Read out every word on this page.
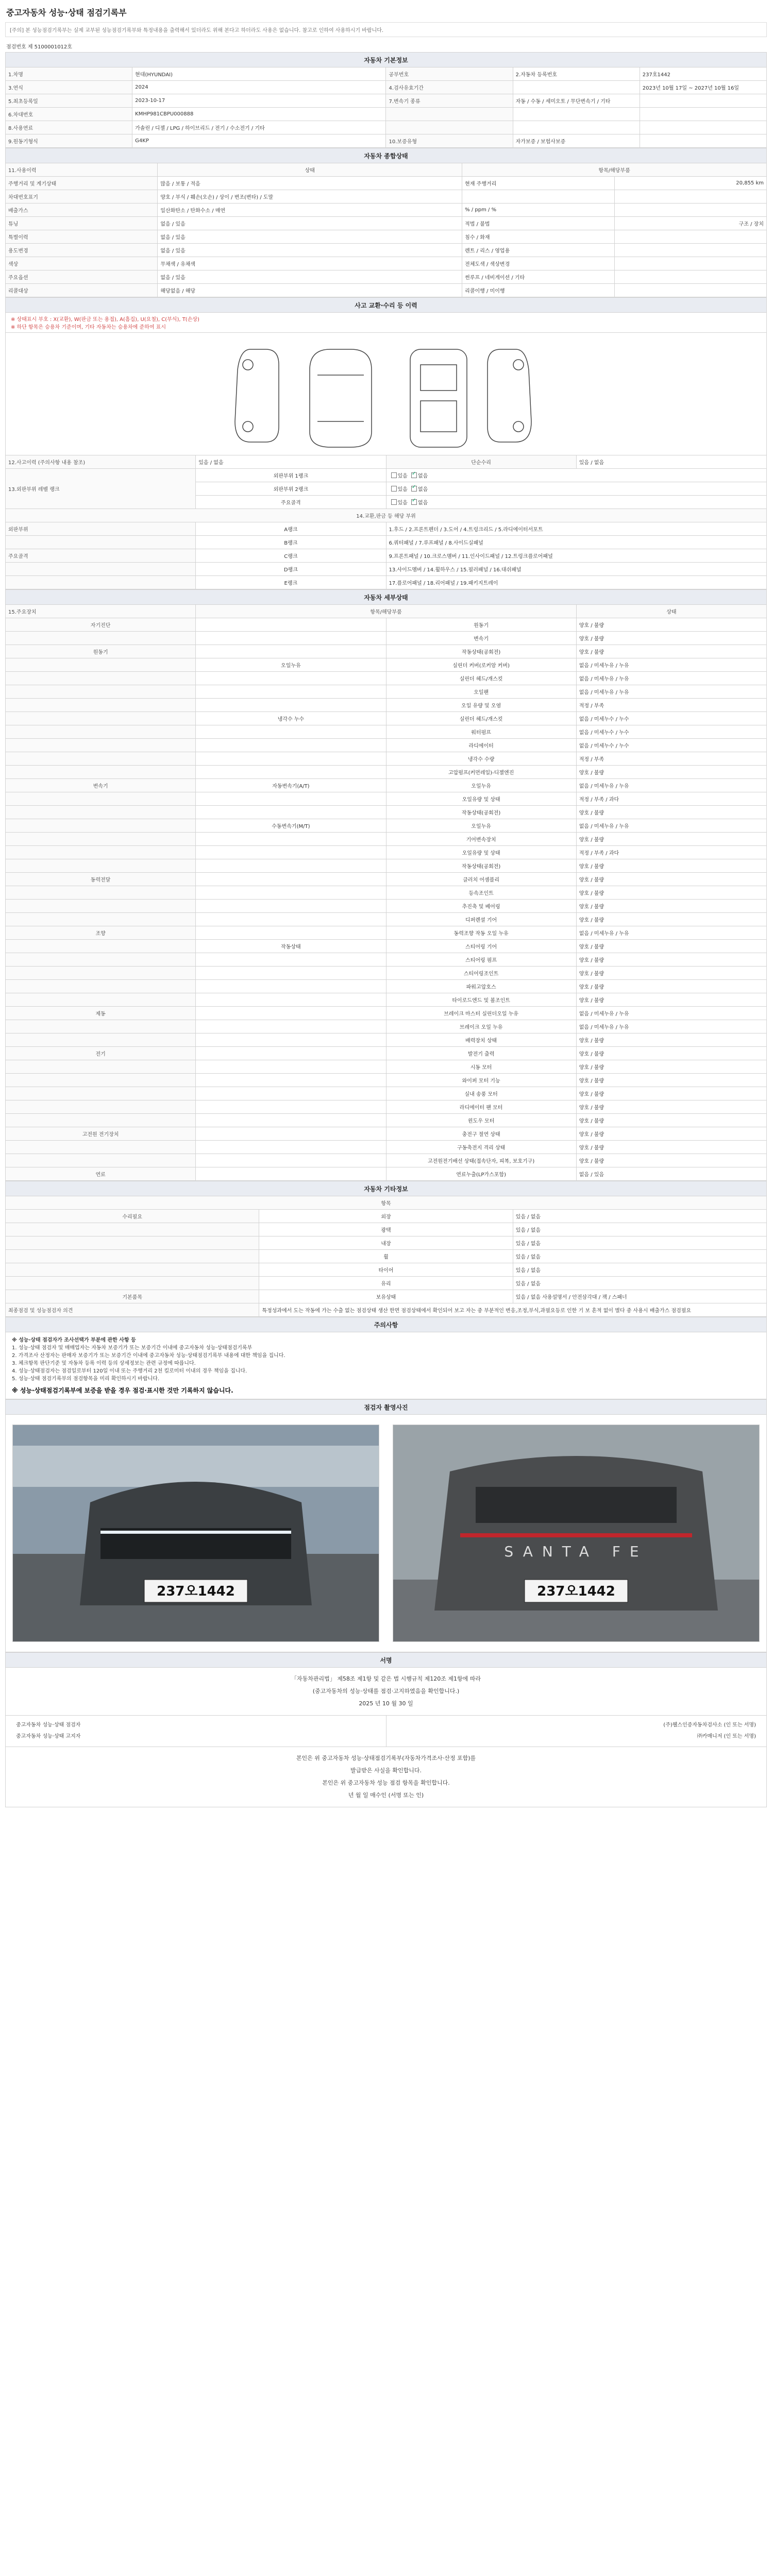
중고자동차 성능·상태 점검기록부
[주의] 본 성능점검기록부는 실제 교부된 성능점검기록부와 특정내용을 출력해서 있더라도 위해 본다고 하더라도 사용은 없습니다. 참고로 인하여 사용하시기 바랍니다.
점검번호 제 5100001012호
자동차 기본정보				
1.차명	현대(HYUNDAI)	공부번호	2.자동차 등록번호	237호1442
3.연식	2024	4.검사유효기간		2023년 10월 17일 ~ 2027년 10월 16일
5.최초등록일	2023-10-17	7.변속기 종류	자동 / 수동 / 세미오토 / 무단변속기 / 기타	
6.차대번호	KMHP981CBPU000888			
8.사용연료	가솔린 / 디젤 / LPG / 하이브리드 / 전기 / 수소전기 / 기타			
9.원동기형식	G4KP	10.보증유형	자가보증 / 보험사보증	
자동차 종합상태			
11.사용이력	상태	항목/해당부품	
주행거리 및 계기상태	많음 / 보통 / 적음	현재 주행거리	20,855 km
차대번호표기	양호 / 부식 / 훼손(오손) / 상이 / 변조(변타) / 도말		
배출가스	일산화탄소 / 탄화수소 / 매연	% / ppm / %	
튜닝	없음 / 있음	적법 / 불법	구조 / 장치
특별이력	없음 / 있음	침수 / 화재	
용도변경	없음 / 있음	렌트 / 리스 / 영업용	
색상	무채색 / 유채색	전체도색 / 색상변경	
주요옵션	없음 / 있음	썬루프 / 네비게이션 / 기타	
리콜대상	해당없음 / 해당	리콜이행 / 미이행	
사고 교환·수리 등 이력			

※ 상태표시 부호 : X(교환), W(판금 또는 용접), A(흠집), U(요철), C(부식), T(손상)
※ 하단 항목은 승용차 기준이며, 기타 자동차는 승용차에 준하여 표시			

12.사고이력 (주의사항 내용 참조)	있음 / 없음	단순수리	있음 / 없음
13.외판부위 레벨 랭크	외판부위 1랭크	있음 ✓없음
	외판부위 2랭크	있음 ✓없음
	주요골격	있음 ✓없음
14.교환,판금 등 해당 부위			
외판부위	A랭크	1.후드 / 2.프론트펜더 / 3.도어 / 4.트렁크리드 / 5.라디에이터서포트	
	B랭크	6.쿼터패널 / 7.루프패널 / 8.사이드실패널	
주요골격	C랭크	9.프론트패널 / 10.크로스멤버 / 11.인사이드패널 / 12.트렁크플로어패널	
	D랭크	13.사이드멤버 / 14.휠하우스 / 15.필러패널 / 16.대쉬패널	
	E랭크	17.플로어패널 / 18.리어패널 / 19.패키지트레이	
자동차 세부상태			
15.주요장치	항목/해당부품		상태
자기진단		원동기	양호 / 불량
		변속기	양호 / 불량
원동기		작동상태(공회전)	양호 / 불량
	오일누유	실린더 커버(로커암 커버)	없음 / 미세누유 / 누유
		실린더 헤드/개스킷	없음 / 미세누유 / 누유
		오일팬	없음 / 미세누유 / 누유
		오일 유량 및 오염	적정 / 부족
	냉각수 누수	실린더 헤드/개스킷	없음 / 미세누수 / 누수
		워터펌프	없음 / 미세누수 / 누수
		라디에이터	없음 / 미세누수 / 누수
		냉각수 수량	적정 / 부족
		고압펌프(커먼레일)-디젤엔진	양호 / 불량
변속기	자동변속기(A/T)	오일누유	없음 / 미세누유 / 누유
		오일유량 및 상태	적정 / 부족 / 과다
		작동상태(공회전)	양호 / 불량
	수동변속기(M/T)	오일누유	없음 / 미세누유 / 누유
		기어변속장치	양호 / 불량
		오일유량 및 상태	적정 / 부족 / 과다
		작동상태(공회전)	양호 / 불량
동력전달		클러치 어셈블리	양호 / 불량
		등속조인트	양호 / 불량
		추진축 및 베어링	양호 / 불량
		디퍼렌셜 기어	양호 / 불량
조향		동력조향 작동 오일 누유	없음 / 미세누유 / 누유
	작동상태	스티어링 기어	양호 / 불량
		스티어링 펌프	양호 / 불량
		스티어링조인트	양호 / 불량
		파워고압호스	양호 / 불량
		타이로드엔드 및 볼조인트	양호 / 불량
제동		브레이크 마스터 실린더오일 누유	없음 / 미세누유 / 누유
		브레이크 오일 누유	없음 / 미세누유 / 누유
		배력장치 상태	양호 / 불량
전기		발전기 출력	양호 / 불량
		시동 모터	양호 / 불량
		와이퍼 모터 기능	양호 / 불량
		실내 송풍 모터	양호 / 불량
		라디에이터 팬 모터	양호 / 불량
		윈도우 모터	양호 / 불량
고전원 전기장치		충전구 절연 상태	양호 / 불량
		구동축전지 격리 상태	양호 / 불량
		고전원전기배선 상태(접속단자, 피복, 보호기구)	양호 / 불량
연료		연료누출(LP가스포함)	없음 / 있음
자동차 기타정보		
항목		
수리필요	외장	있음 / 없음
	광택	있음 / 없음
	내장	있음 / 없음
	휠	있음 / 없음
	타이어	있음 / 없음
	유리	있음 / 없음
기본품목	보유상태	있음 / 없음 사용설명서 / 안전삼각대 / 잭 / 스패너
최종점검 및 성능점검자 의견	특정성과에서 도는 작동에 가는 수출 없는 점검상태 생산 한면 점검상태에서 확인되어 보고 자는 중 부분적인 변응,조정,부식,과필요등로 인한 기 보 흔적 없이 별다 중 사용시 배출가스 점검필요	
주의사항

※ 성능·상태 점검자가 조사선택가 부분에 관한 사항 등
1. 성능·상태 점검자 및 매매업자는 자동차 보증기가 또는 보증기간 이내에 중고자동차 성능·상태점검기록부
2. 가격조사 산정자는 판매자 보증기가 또는 보증기간 이내에 중고자동차 성능·상태점검기록부 내용에 대한 책임을 집니다.
3. 체크항목 판단기준 및 자동차 등록 이력 등의 상세정보는 관련 규정에 따릅니다.
4. 성능·상태점검자는 점검일로부터 120일 이내 또는 주행거리 2천 킬로미터 이내의 경우 책임을 집니다.
5. 성능·상태 점검기록부의 점검항목을 미리 확인하시기 바랍니다.
※ 성능·상태점검기록부에 보증을 받을 경우 점검·표시한 것만 기록하지 않습니다.
점검자 촬영사진

237오1442
SANTA FE
237오1442
서명

「자동차관리법」 제58조 제1항 및 같은 법 시행규칙 제120조 제1항에 따라
(중고자동차의 성능·상태를 점검·고지하였음을 확인합니다.)
2025 년 10 월 30 일

중고자동차 성능·상태 점검자
중고자동차 성능·상태 고지자

(주)웰스인증자동차검사소 (인 또는 서명)
㈜카매니저 (인 또는 서명)

본인은 위 중고자동차 성능·상태점검기록부(자동차가격조사·산정 포함)를
발급받은 사실을 확인합니다.
본인은 위 중고자동차 성능 점검 항목을 확인합니다.
년 월 일 매수인 (서명 또는 인)
